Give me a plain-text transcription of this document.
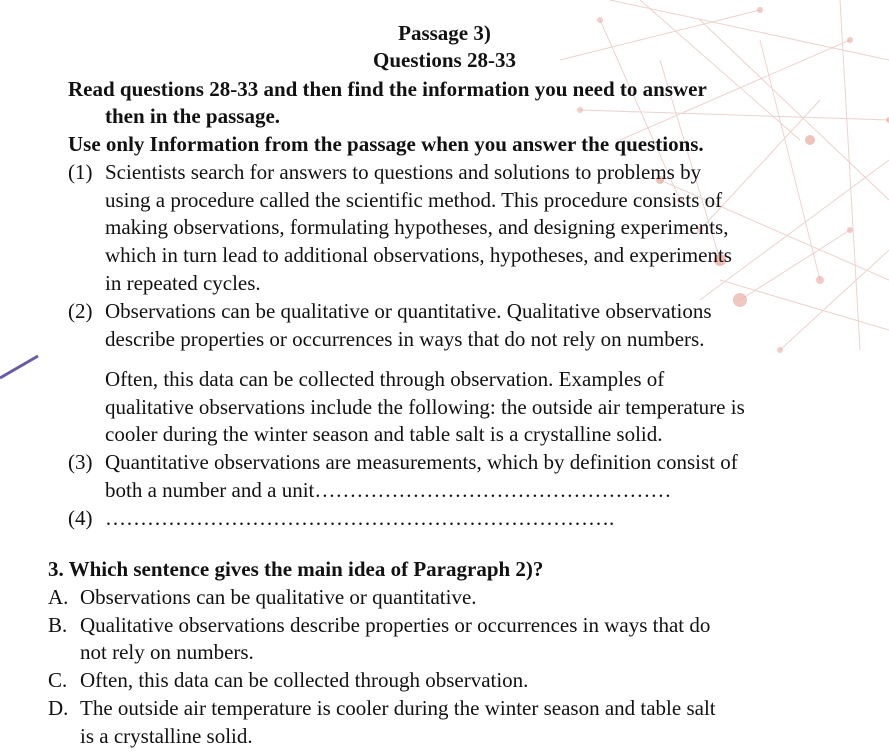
Passage 3)
Questions 28-33
Read questions 28-33 and then find the information you need to answer
then in the passage.
Use only Information from the passage when you answer the questions.
(1) Scientists search for answers to questions and solutions to problems by
using a procedure called the scientific method. This procedure consists of
making observations, formulating hypotheses, and designing experiments,
which in turn lead to additional observations, hypotheses, and experiments
in repeated cycles.
(2) Observations can be qualitative or quantitative. Qualitative observations
describe properties or occurrences in ways that do not rely on numbers.
Often, this data can be collected through observation. Examples of
qualitative observations include the following: the outside air temperature is
cooler during the winter season and table salt is a crystalline solid.
(3) Quantitative observations are measurements, which by definition consist of
both a number and a unit……………………………………………
(4) ……………………………………………………………….
3. Which sentence gives the main idea of Paragraph 2)?
A. Observations can be qualitative or quantitative.
B. Qualitative observations describe properties or occurrences in ways that do
not rely on numbers.
C. Often, this data can be collected through observation.
D. The outside air temperature is cooler during the winter season and table salt
is a crystalline solid.
